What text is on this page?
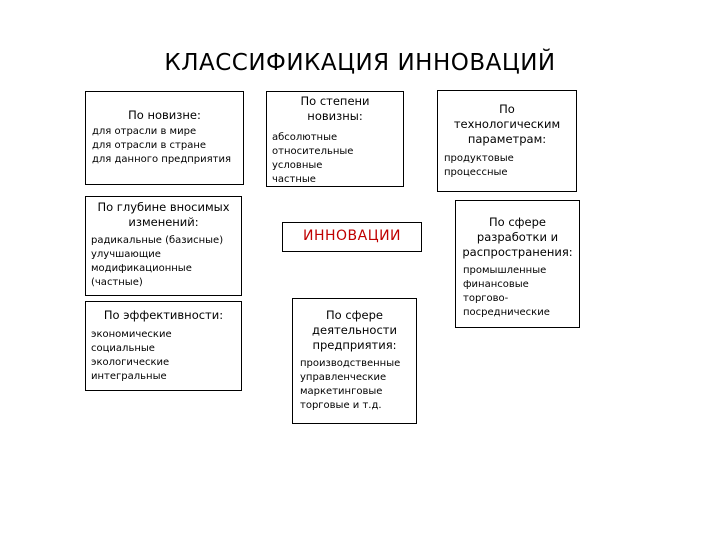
КЛАССИФИКАЦИЯ ИННОВАЦИЙ
По новизне:
для отрасли в мире
для отрасли в стране
для данного предприятия
По степени
новизны:
абсолютные
относительные
условные
частные
По
технологическим
параметрам:
продуктовые
процессные
По глубине вносимых
изменений:
радикальные (базисные)
улучшающие
модификационные
(частные)
ИННОВАЦИИ
По сфере
разработки и
распространения:
промышленные
финансовые
торгово-
посреднические
По эффективности:
экономические
социальные
экологические
интегральные
По сфере
деятельности
предприятия:
производственные
управленческие
маркетинговые
торговые и т.д.
